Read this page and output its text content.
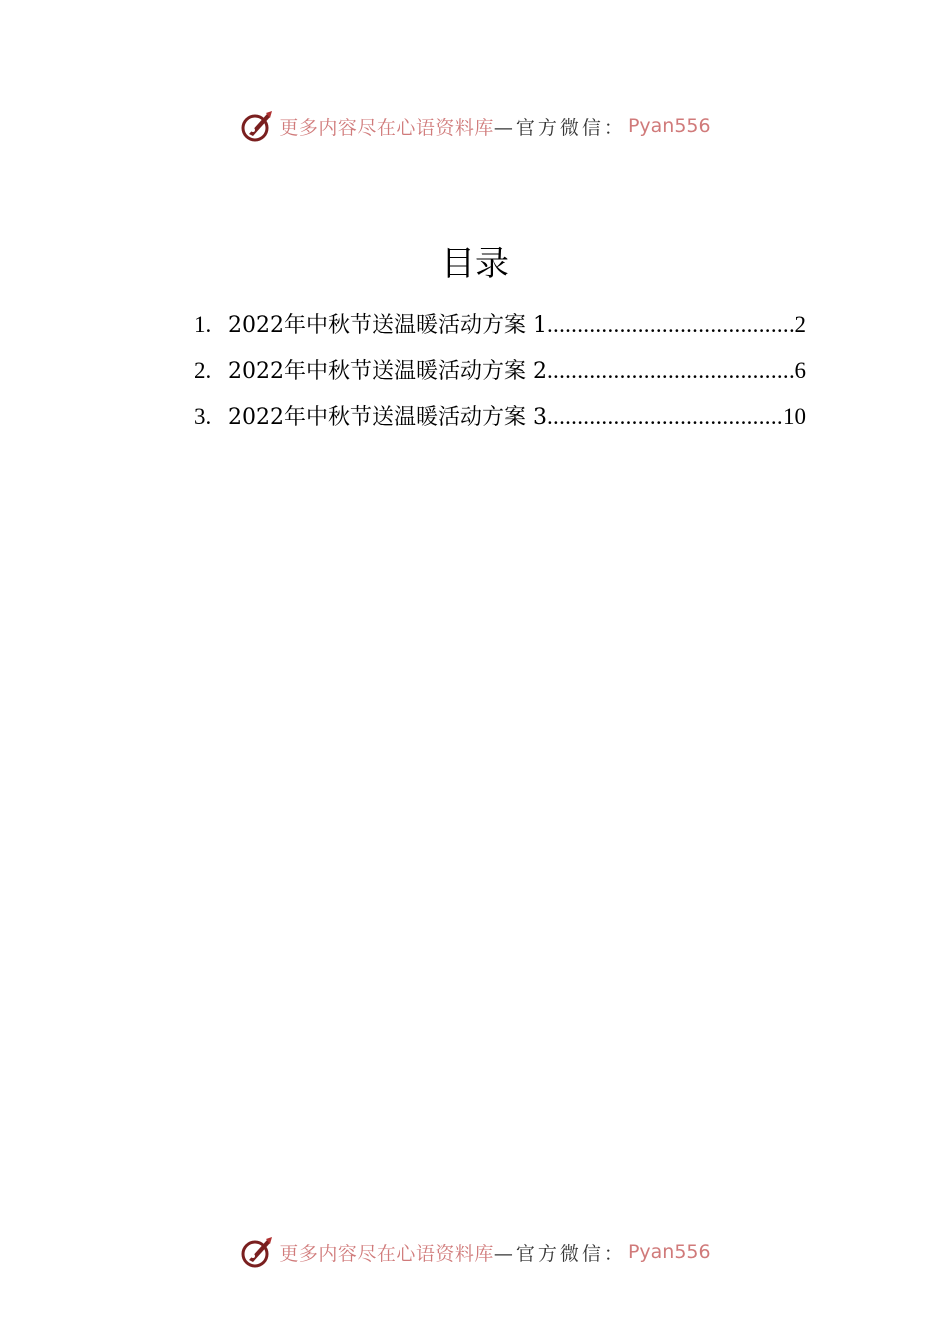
更多内容尽在心语资料库 —官方微信： Pyan556
目录
1. 2022年中秋节送温暖活动方案 1 .....	2
2. 2022年中秋节送温暖活动方案 2 .....	6
3. 2022年中秋节送温暖活动方案 3 .....	10
更多内容尽在心语资料库 —官方微信： Pyan556
